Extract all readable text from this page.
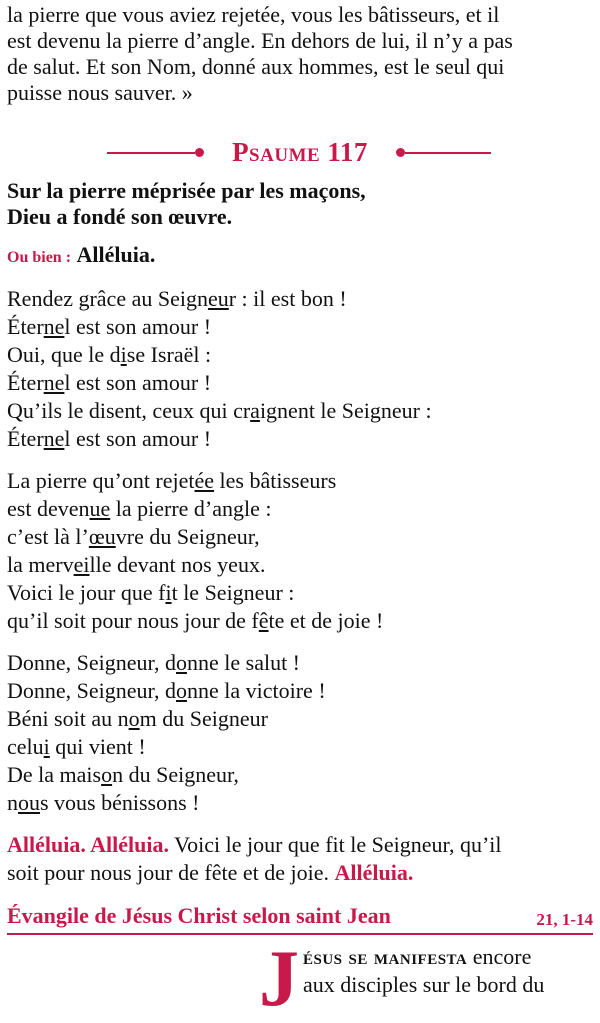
la pierre que vous aviez rejetée, vous les bâtisseurs, et il
est devenu la pierre d’angle. En dehors de lui, il n’y a pas
de salut. Et son Nom, donné aux hommes, est le seul qui
puisse nous sauver. »
Psaume 117
Sur la pierre méprisée par les maçons,
Dieu a fondé son œuvre.
Ou bien : Alléluia.
Rendez grâce au Seigneur : il est bon !
Éternel est son amour !
Oui, que le dise Israël :
Éternel est son amour !
Qu’ils le disent, ceux qui craignent le Seigneur :
Éternel est son amour !
La pierre qu’ont rejetée les bâtisseurs
est devenue la pierre d’angle :
c’est là l’œuvre du Seigneur,
la merveille devant nos yeux.
Voici le jour que fit le Seigneur :
qu’il soit pour nous jour de fête et de joie !
Donne, Seigneur, donne le salut !
Donne, Seigneur, donne la victoire !
Béni soit au nom du Seigneur
celui qui vient !
De la maison du Seigneur,
nous vous bénissons !
Alléluia. Alléluia. Voici le jour que fit le Seigneur, qu’il
soit pour nous jour de fête et de joie. Alléluia.
Évangile de Jésus Christ selon saint Jean	21, 1-14
J ésus se manifesta encore
aux disciples sur le bord du
